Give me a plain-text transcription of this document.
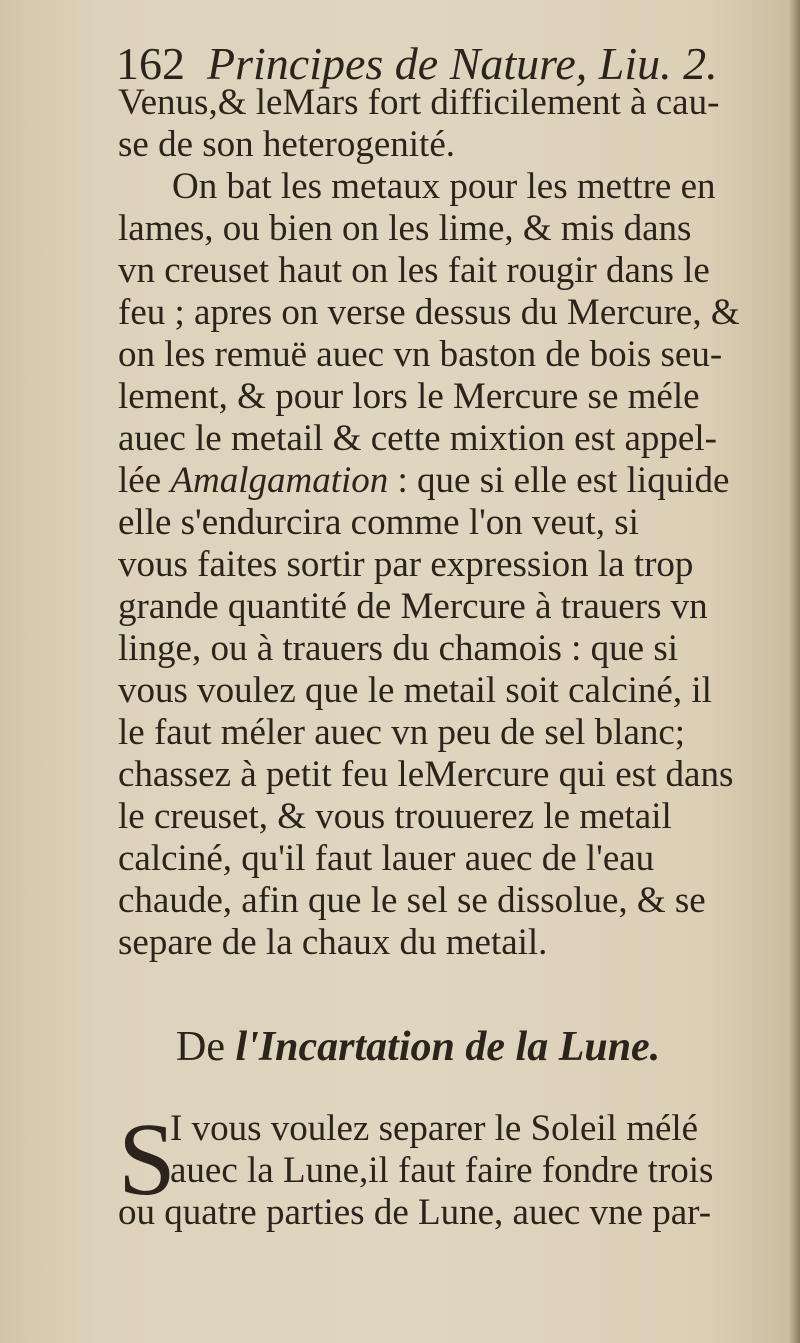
162 Principes de Nature, Liu. 2.
Venus,& leMars fort difficilement à cau-
se de son heterogenité.
On bat les metaux pour les mettre en
lames, ou bien on les lime, & mis dans
vn creuset haut on les fait rougir dans le
feu ; apres on verse dessus du Mercure, &
on les remuë auec vn baston de bois seu-
lement, & pour lors le Mercure se méle
auec le metail & cette mixtion est appel-
lée Amalgamation : que si elle est liquide
elle s'endurcira comme l'on veut, si
vous faites sortir par expression la trop
grande quantité de Mercure à trauers vn
linge, ou à trauers du chamois : que si
vous voulez que le metail soit calciné, il
le faut méler auec vn peu de sel blanc;
chassez à petit feu leMercure qui est dans
le creuset, & vous trouuerez le metail
calciné, qu'il faut lauer auec de l'eau
chaude, afin que le sel se dissolue, & se
separe de la chaux du metail.
De l'Incartation de la Lune.
S
I vous voulez separer le Soleil mélé
auec la Lune,il faut faire fondre trois
ou quatre parties de Lune, auec vne par-
